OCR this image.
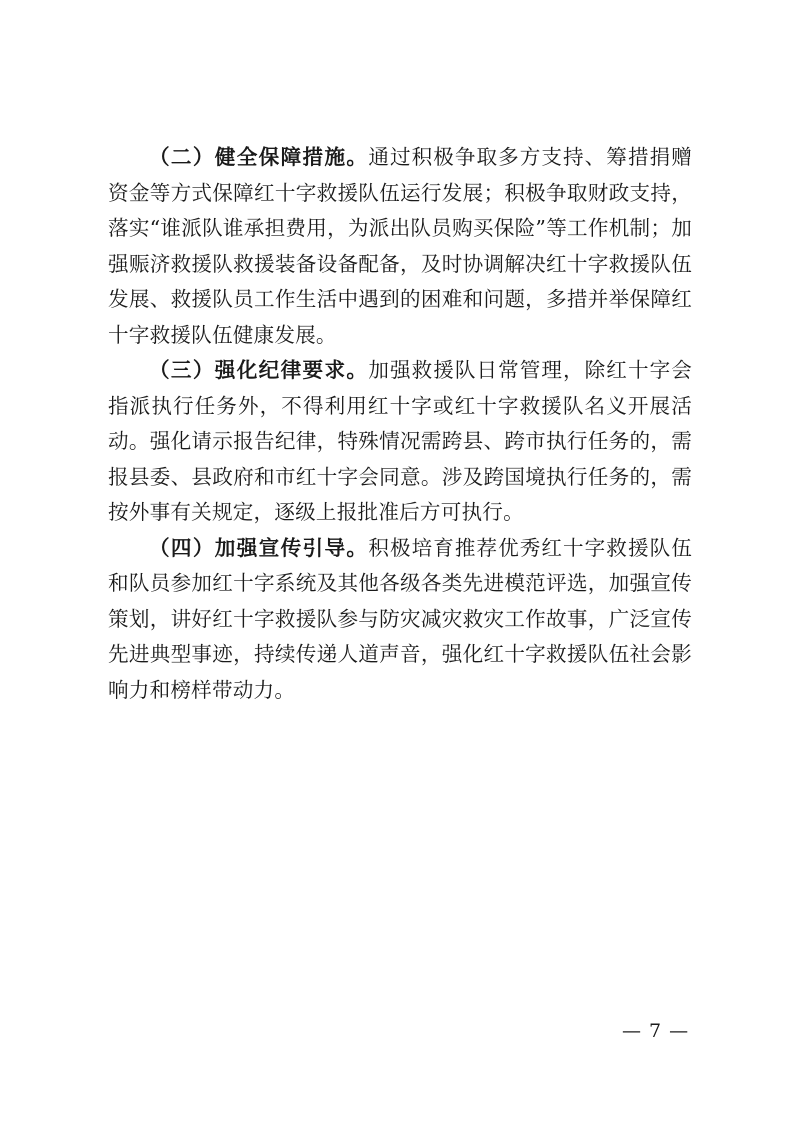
（二）健全保障措施。通过积极争取多方支持、筹措捐赠资金等方式保障红十字救援队伍运行发展；积极争取财政支持，落实“谁派队谁承担费用，为派出队员购买保险”等工作机制；加强赈济救援队救援装备设备配备，及时协调解决红十字救援队伍发展、救援队员工作生活中遇到的困难和问题，多措并举保障红十字救援队伍健康发展。

（三）强化纪律要求。加强救援队日常管理，除红十字会指派执行任务外，不得利用红十字或红十字救援队名义开展活动。强化请示报告纪律，特殊情况需跨县、跨市执行任务的，需报县委、县政府和市红十字会同意。涉及跨国境执行任务的，需按外事有关规定，逐级上报批准后方可执行。

（四）加强宣传引导。积极培育推荐优秀红十字救援队伍和队员参加红十字系统及其他各级各类先进模范评选，加强宣传策划，讲好红十字救援队参与防灾减灾救灾工作故事，广泛宣传先进典型事迹，持续传递人道声音，强化红十字救援队伍社会影响力和榜样带动力。

— 7 —
